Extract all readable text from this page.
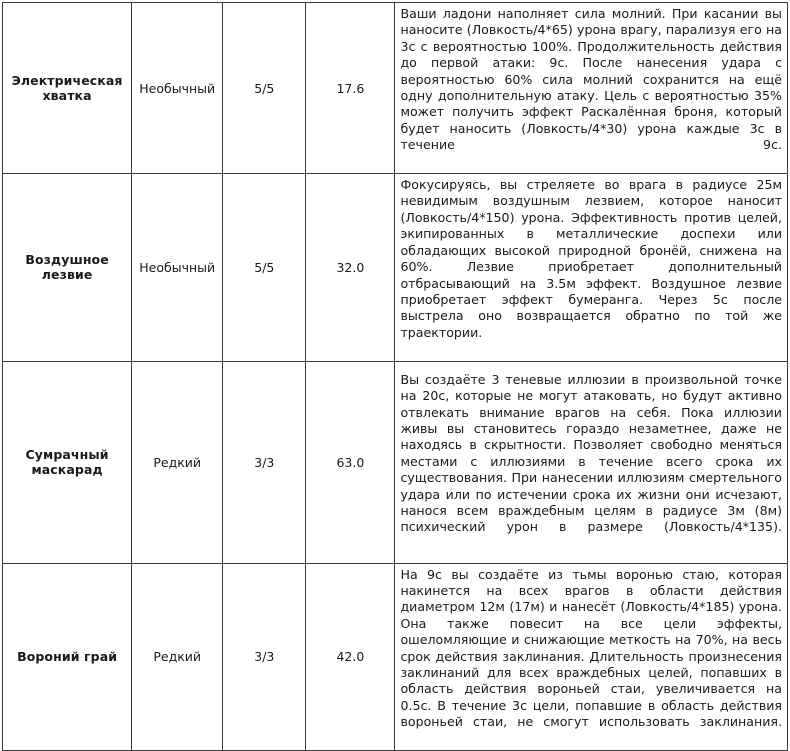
Электрическая хватка	Необычный	5/5	17.6	Ваши ладони наполняет сила молний. При касании вы наносите (Ловкость/4*65) урона врагу, парализуя его на 3с с вероятностью 100%. Продолжительность действия до первой атаки: 9с. После нанесения удара с вероятностью 60% сила молний сохранится на ещё одну дополнительную атаку. Цель с вероятностью 35% может получить эффект Раскалённая броня, который будет наносить (Ловкость/4*30) урона каждые 3с в течение 9с.

Воздушное лезвие	Необычный	5/5	32.0	Фокусируясь, вы стреляете во врага в радиусе 25м невидимым воздушным лезвием, которое наносит (Ловкость/4*150) урона. Эффективность против целей, экипированных в металлические доспехи или обладающих высокой природной бронёй, снижена на 60%. Лезвие приобретает дополнительный отбрасывающий на 3.5м эффект. Воздушное лезвие приобретает эффект бумеранга. Через 5с после выстрела оно возвращается обратно по той же траектории.

Сумрачный маскарад	Редкий	3/3	63.0	Вы создаёте 3 теневые иллюзии в произвольной точке на 20с, которые не могут атаковать, но будут активно отвлекать внимание врагов на себя. Пока иллюзии живы вы становитесь гораздо незаметнее, даже не находясь в скрытности. Позволяет свободно меняться местами с иллюзиями в течение всего срока их существования. При нанесении иллюзиям смертельного удара или по истечении срока их жизни они исчезают, нанося всем враждебным целям в радиусе 3м (8м) психический урон в размере (Ловкость/4*135).

Вороний грай	Редкий	3/3	42.0	На 9с вы создаёте из тьмы воронью стаю, которая накинется на всех врагов в области действия диаметром 12м (17м) и нанесёт (Ловкость/4*185) урона. Она также повесит на все цели эффекты, ошеломляющие и снижающие меткость на 70%, на весь срок действия заклинания. Длительность произнесения заклинаний для всех враждебных целей, попавших в область действия вороньей стаи, увеличивается на 0.5с. В течение 3с цели, попавшие в область действия вороньей стаи, не смогут использовать заклинания.
